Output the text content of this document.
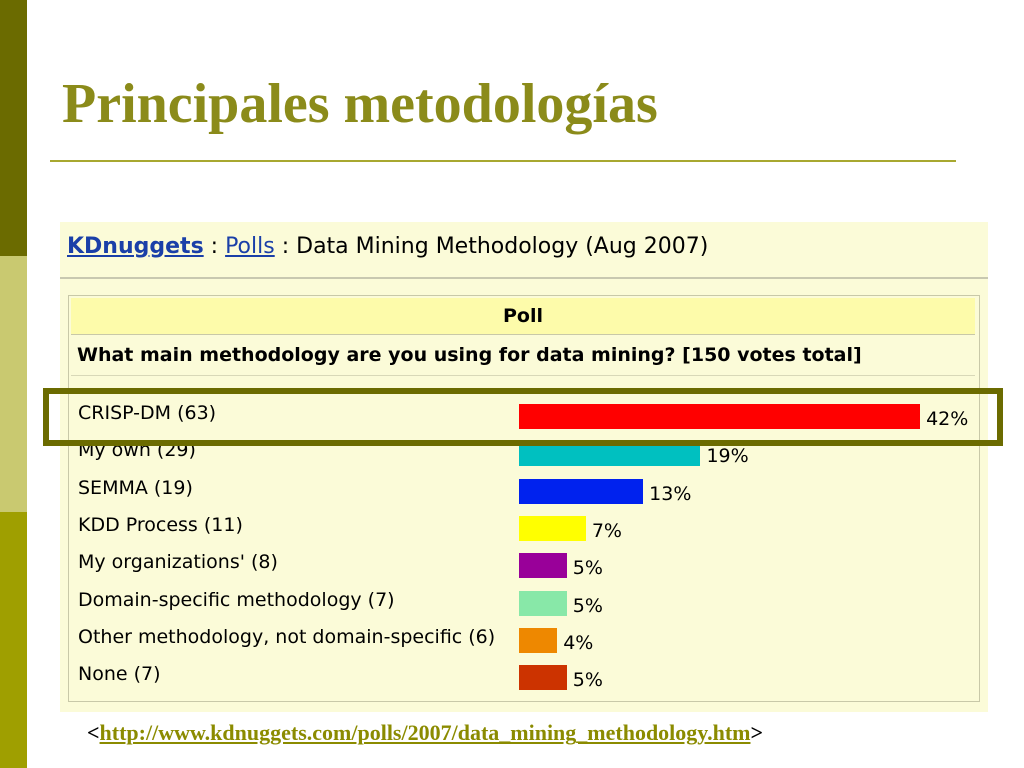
Principales metodologías
KDnuggets : Polls : Data Mining Methodology (Aug 2007)
Poll
What main methodology are you using for data mining? [150 votes total]
CRISP-DM (63)	42%
My own (29)	19%
SEMMA (19)	13%
KDD Process (11)	7%
My organizations' (8)	5%
Domain-specific methodology (7)	5%
Other methodology, not domain-specific (6)	4%
None (7)	5%
<http://www.kdnuggets.com/polls/2007/data_mining_methodology.htm>
